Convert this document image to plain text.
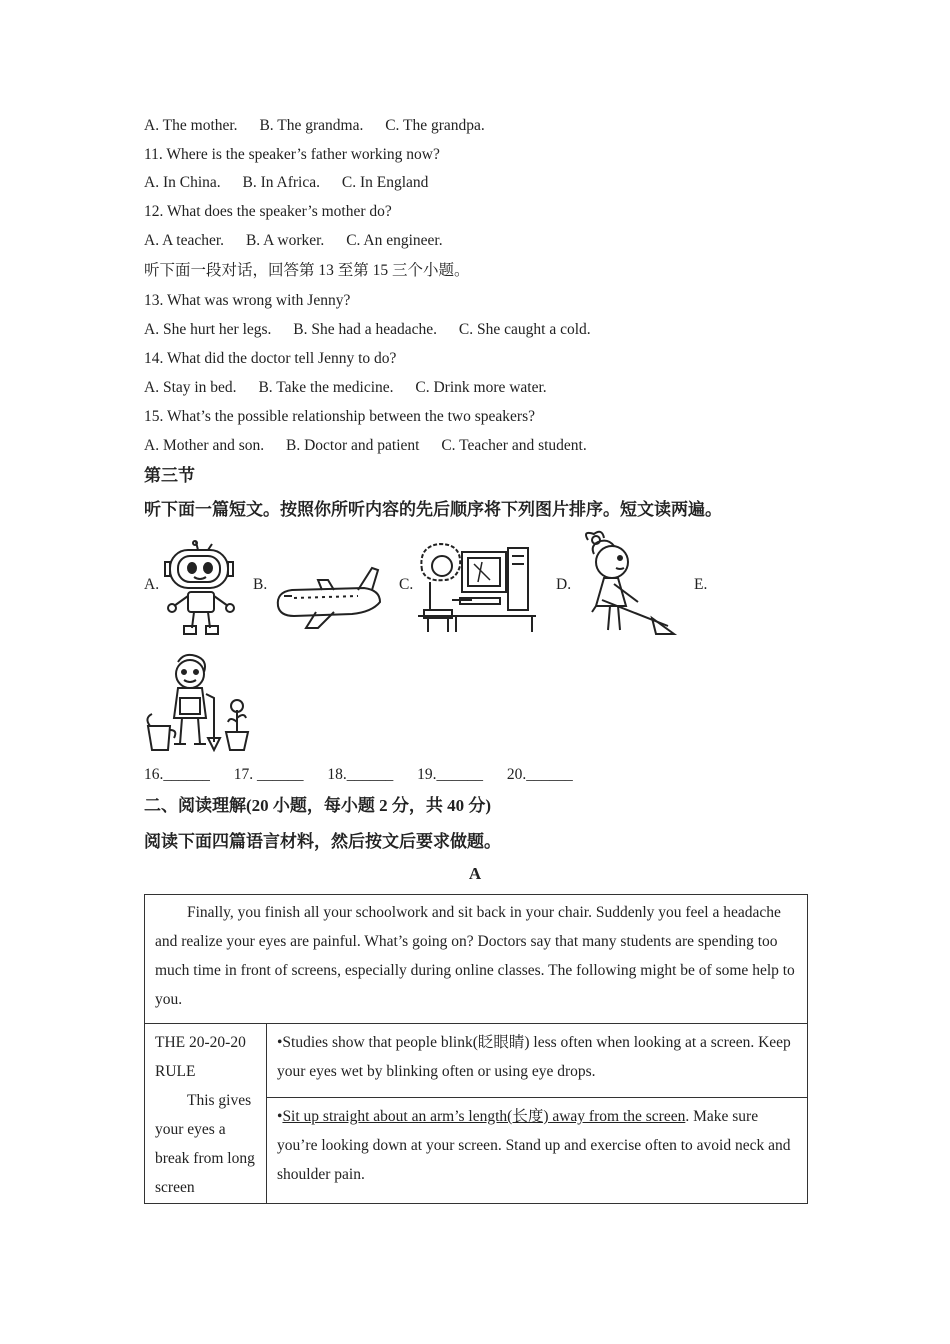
A. The mother. B. The grandma. C. The grandpa.
11. Where is the speaker’s father working now?
A. In China. B. In Africa. C. In England
12. What does the speaker’s mother do?
A. A teacher. B. A worker. C. An engineer.
听下面一段对话，回答第 13 至第 15 三个小题。
13. What was wrong with Jenny?
A. She hurt her legs. B. She had a headache. C. She caught a cold.
14. What did the doctor tell Jenny to do?
A. Stay in bed. B. Take the medicine. C. Drink more water.
15. What’s the possible relationship between the two speakers?
A. Mother and son. B. Doctor and patient C. Teacher and student.
第三节
听下面一篇短文。按照你所听内容的先后顺序将下列图片排序。短文读两遍。
A.	B.	C.	D.	E.
16.______ 17. ______ 18.______ 19.______ 20.______
二、阅读理解(20 小题，每小题 2 分，共 40 分)
阅读下面四篇语言材料，然后按文后要求做题。
A
Finally, you finish all your schoolwork and sit back in your chair. Suddenly you feel a headache and realize your eyes are painful. What’s going on? Doctors say that many students are spending too much time in front of screens, especially during online classes. The following might be of some help to you.
THE 20-20-20 RULE
This gives your eyes a break from long screen
•Studies show that people blink(眨眼睛) less often when looking at a screen. Keep your eyes wet by blinking often or using eye drops.
•Sit up straight about an arm’s length(长度) away from the screen. Make sure you’re looking down at your screen. Stand up and exercise often to avoid neck and shoulder pain.
